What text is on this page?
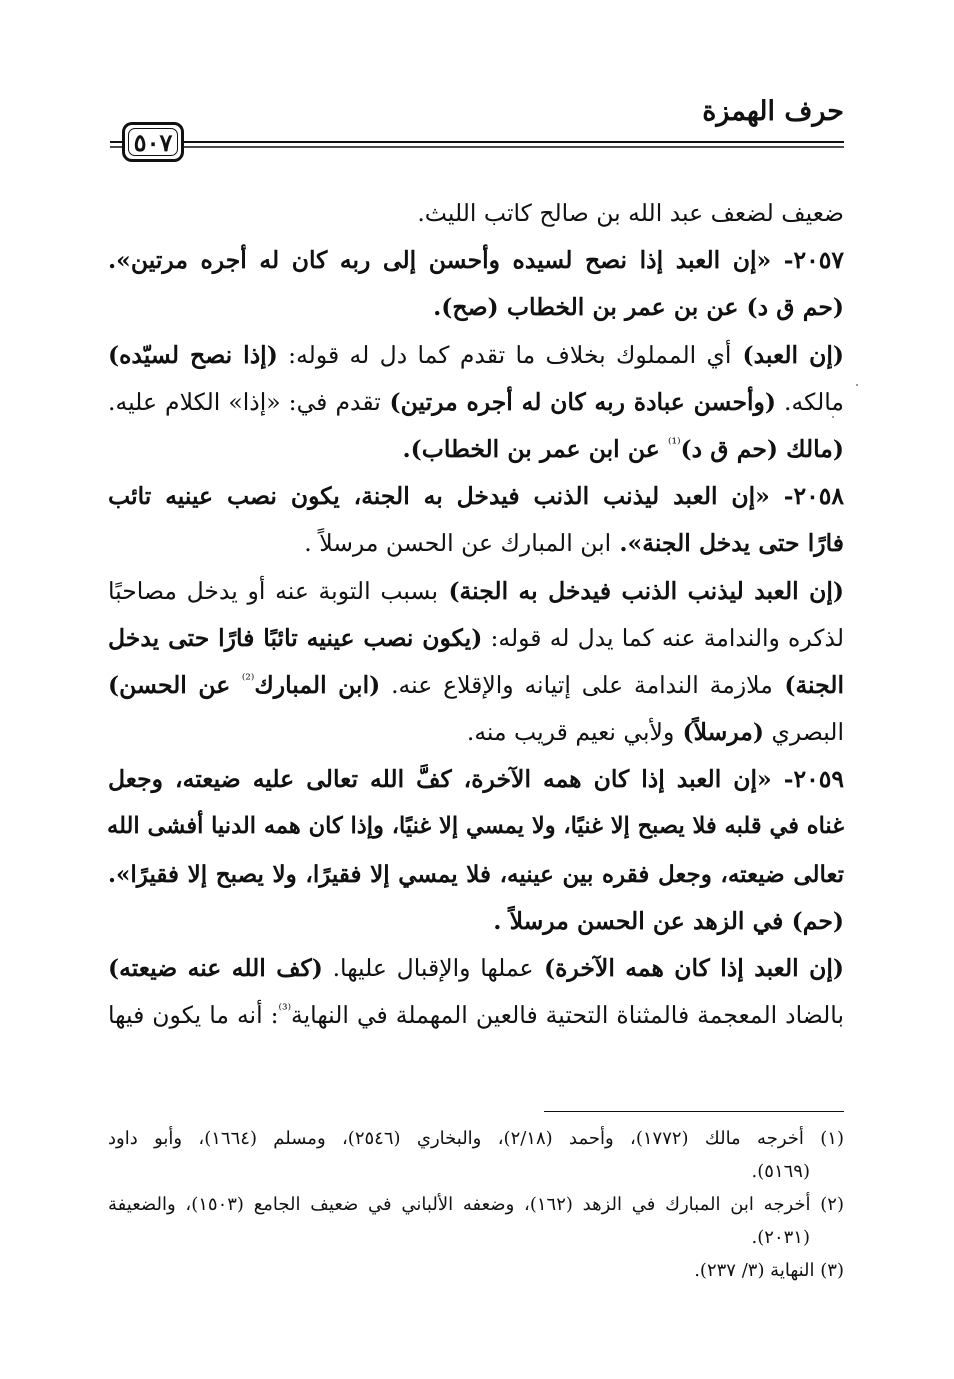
حرف الهمزة
٥٠٧
ضعيف لضعف عبد الله بن صالح كاتب الليث.
٢٠٥٧- «إن العبد إذا نصح لسيده وأحسن إلى ربه كان له أجره مرتين».
(حم ق د) عن بن عمر بن الخطاب (صح).
(إن العبد) أي المملوك بخلاف ما تقدم كما دل له قوله: (إذا نصح لسيّده)
مالكه. (وأحسن عبادة ربه كان له أجره مرتين) تقدم في: «إذا» الكلام عليه.
(مالك (حم ق د)$^{^{(1)}}$ عن ابن عمر بن الخطاب).
٢٠٥٨- «إن العبد ليذنب الذنب فيدخل به الجنة، يكون نصب عينيه تائب
فارًا حتى يدخل الجنة». ابن المبارك عن الحسن مرسلاً .
(إن العبد ليذنب الذنب فيدخل به الجنة) بسبب التوبة عنه أو يدخل مصاحبًا
لذكره والندامة عنه كما يدل له قوله: (يكون نصب عينيه تائبًا فارًا حتى يدخل
الجنة) ملازمة الندامة على إتيانه والإقلاع عنه. (ابن المبارك$^{^{(2)}}$ عن الحسن)
البصري (مرسلاً) ولأبي نعيم قريب منه.
٢٠٥٩- «إن العبد إذا كان همه الآخرة، كفَّ الله تعالى عليه ضيعته، وجعل
غناه في قلبه فلا يصبح إلا غنيًا، ولا يمسي إلا غنيًا، وإذا كان همه الدنيا أفشى الله
تعالى ضيعته، وجعل فقره بين عينيه، فلا يمسي إلا فقيرًا، ولا يصبح إلا فقيرًا».
(حم) في الزهد عن الحسن مرسلاً .
(إن العبد إذا كان همه الآخرة) عملها والإقبال عليها. (كف الله عنه ضيعته)
بالضاد المعجمة فالمثناة التحتية فالعين المهملة في النهاية$^{^{(3)}}$: أنه ما يكون فيها
(١) أخرجه مالك (١٧٧٢)، وأحمد (٢/١٨)، والبخاري (٢٥٤٦)، ومسلم (١٦٦٤)، وأبو داود
(٥١٦٩).
(٢) أخرجه ابن المبارك في الزهد (١٦٢)، وضعفه الألباني في ضعيف الجامع (١٥٠٣)، والضعيفة
(٢٠٣١).
(٣) النهاية (٣/ ٢٣٧).
